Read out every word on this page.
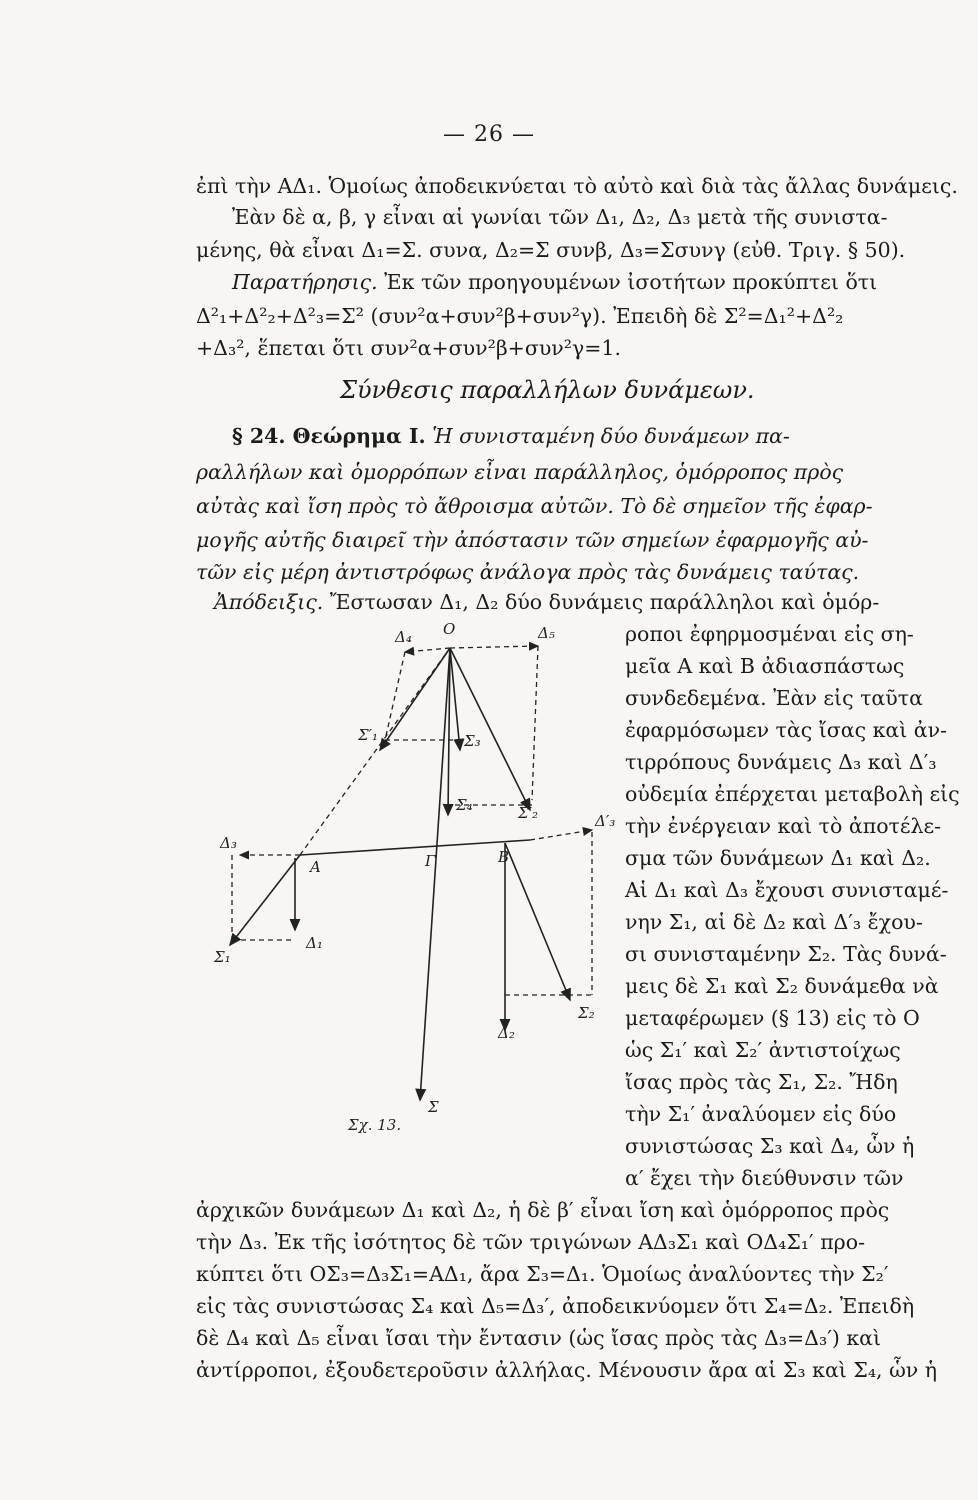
— 26 —
ἐπὶ τὴν ΑΔ₁. Ὁμοίως ἀποδεικνύεται τὸ αὐτὸ καὶ διὰ τὰς ἄλλας δυνάμεις.
Ἐὰν δὲ α, β, γ εἶναι αἱ γωνίαι τῶν Δ₁, Δ₂, Δ₃ μετὰ τῆς συνιστα-
μένης, θὰ εἶναι Δ₁=Σ. συνα, Δ₂=Σ συνβ, Δ₃=Σσυνγ (εὐθ. Τριγ. § 50).
Παρατήρησις. Ἐκ τῶν προηγουμένων ἰσοτήτων προκύπτει ὅτι
Δ²₁+Δ²₂+Δ²₃=Σ² (συν²α+συν²β+συν²γ). Ἐπειδὴ δὲ Σ²=Δ₁²+Δ²₂
+Δ₃², ἕπεται ὅτι συν²α+συν²β+συν²γ=1.
Σύνθεσις παραλλήλων δυνάμεων.
§ 24. Θεώρημα I. Ἡ συνισταμένη δύο δυνάμεων πα-
ραλλήλων καὶ ὁμορρόπων εἶναι παράλληλος, ὁμόρροπος πρὸς
αὐτὰς καὶ ἴση πρὸς τὸ ἄθροισμα αὐτῶν. Τὸ δὲ σημεῖον τῆς ἐφαρ-
μογῆς αὐτῆς διαιρεῖ τὴν ἀπόστασιν τῶν σημείων ἐφαρμογῆς αὐ-
τῶν εἰς μέρη ἀντιστρόφως ἀνάλογα πρὸς τὰς δυνάμεις ταύτας.
Ἀπόδειξις. Ἔστωσαν Δ₁, Δ₂ δύο δυνάμεις παράλληλοι καὶ ὁμόρ-
ροποι ἐφηρμοσμέναι εἰς ση-
μεῖα Α καὶ Β ἀδιασπάστως
συνδεδεμένα. Ἐὰν εἰς ταῦτα
ἐφαρμόσωμεν τὰς ἴσας καὶ ἀν-
τιρρόπους δυνάμεις Δ₃ καὶ Δ′₃
οὐδεμία ἐπέρχεται μεταβολὴ εἰς
τὴν ἐνέργειαν καὶ τὸ ἀποτέλε-
σμα τῶν δυνάμεων Δ₁ καὶ Δ₂.
Αἱ Δ₁ καὶ Δ₃ ἔχουσι συνισταμέ-
νην Σ₁, αἱ δὲ Δ₂ καὶ Δ′₃ ἔχου-
σι συνισταμένην Σ₂. Τὰς δυνά-
μεις δὲ Σ₁ καὶ Σ₂ δυνάμεθα νὰ
μεταφέρωμεν (§ 13) εἰς τὸ Ο
ὡς Σ₁′ καὶ Σ₂′ ἀντιστοίχως
ἴσας πρὸς τὰς Σ₁, Σ₂. Ἤδη
τὴν Σ₁′ ἀναλύομεν εἰς δύο
συνιστώσας Σ₃ καὶ Δ₄, ὧν ἡ
α′ ἔχει τὴν διεύθυνσιν τῶν
O
Δ₄	Δ₅
Σ′₁	Σ₃
Σ₄	Σ′₂
Δ₃
Δ′₃
A	Γ	B
Δ₁
Σ₁
Σ₂
Δ₂
Σ
Σχ. 13.
ἀρχικῶν δυνάμεων Δ₁ καὶ Δ₂, ἡ δὲ β′ εἶναι ἴση καὶ ὁμόρροπος πρὸς
τὴν Δ₃. Ἐκ τῆς ἰσότητος δὲ τῶν τριγώνων ΑΔ₃Σ₁ καὶ ΟΔ₄Σ₁′ προ-
κύπτει ὅτι ΟΣ₃=Δ₃Σ₁=ΑΔ₁, ἄρα Σ₃=Δ₁. Ὁμοίως ἀναλύοντες τὴν Σ₂′
εἰς τὰς συνιστώσας Σ₄ καὶ Δ₅=Δ₃′, ἀποδεικνύομεν ὅτι Σ₄=Δ₂. Ἐπειδὴ
δὲ Δ₄ καὶ Δ₅ εἶναι ἴσαι τὴν ἔντασιν (ὡς ἴσας πρὸς τὰς Δ₃=Δ₃′) καὶ
ἀντίρροποι, ἐξουδετεροῦσιν ἀλλήλας. Μένουσιν ἄρα αἱ Σ₃ καὶ Σ₄, ὧν ἡ
